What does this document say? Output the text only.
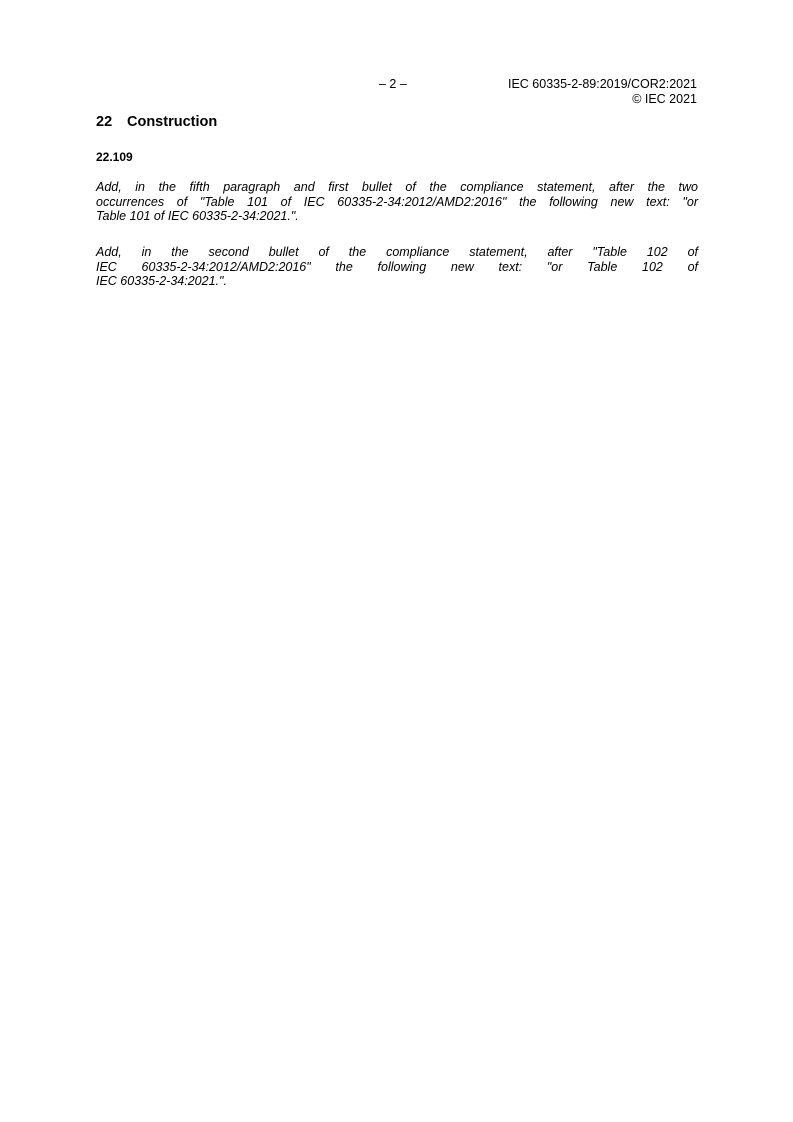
– 2 –	IEC 60335-2-89:2019/COR2:2021
© IEC 2021
22 Construction
22.109

Add, in the fifth paragraph and first bullet of the compliance statement, after the two
occurrences of "Table 101 of IEC 60335-2-34:2012/AMD2:2016" the following new text: "or
Table 101 of IEC 60335-2-34:2021.".

Add, in the second bullet of the compliance statement, after "Table 102 of
IEC 60335-2-34:2012/AMD2:2016" the following new text: "or Table 102 of
IEC 60335-2-34:2021.".
